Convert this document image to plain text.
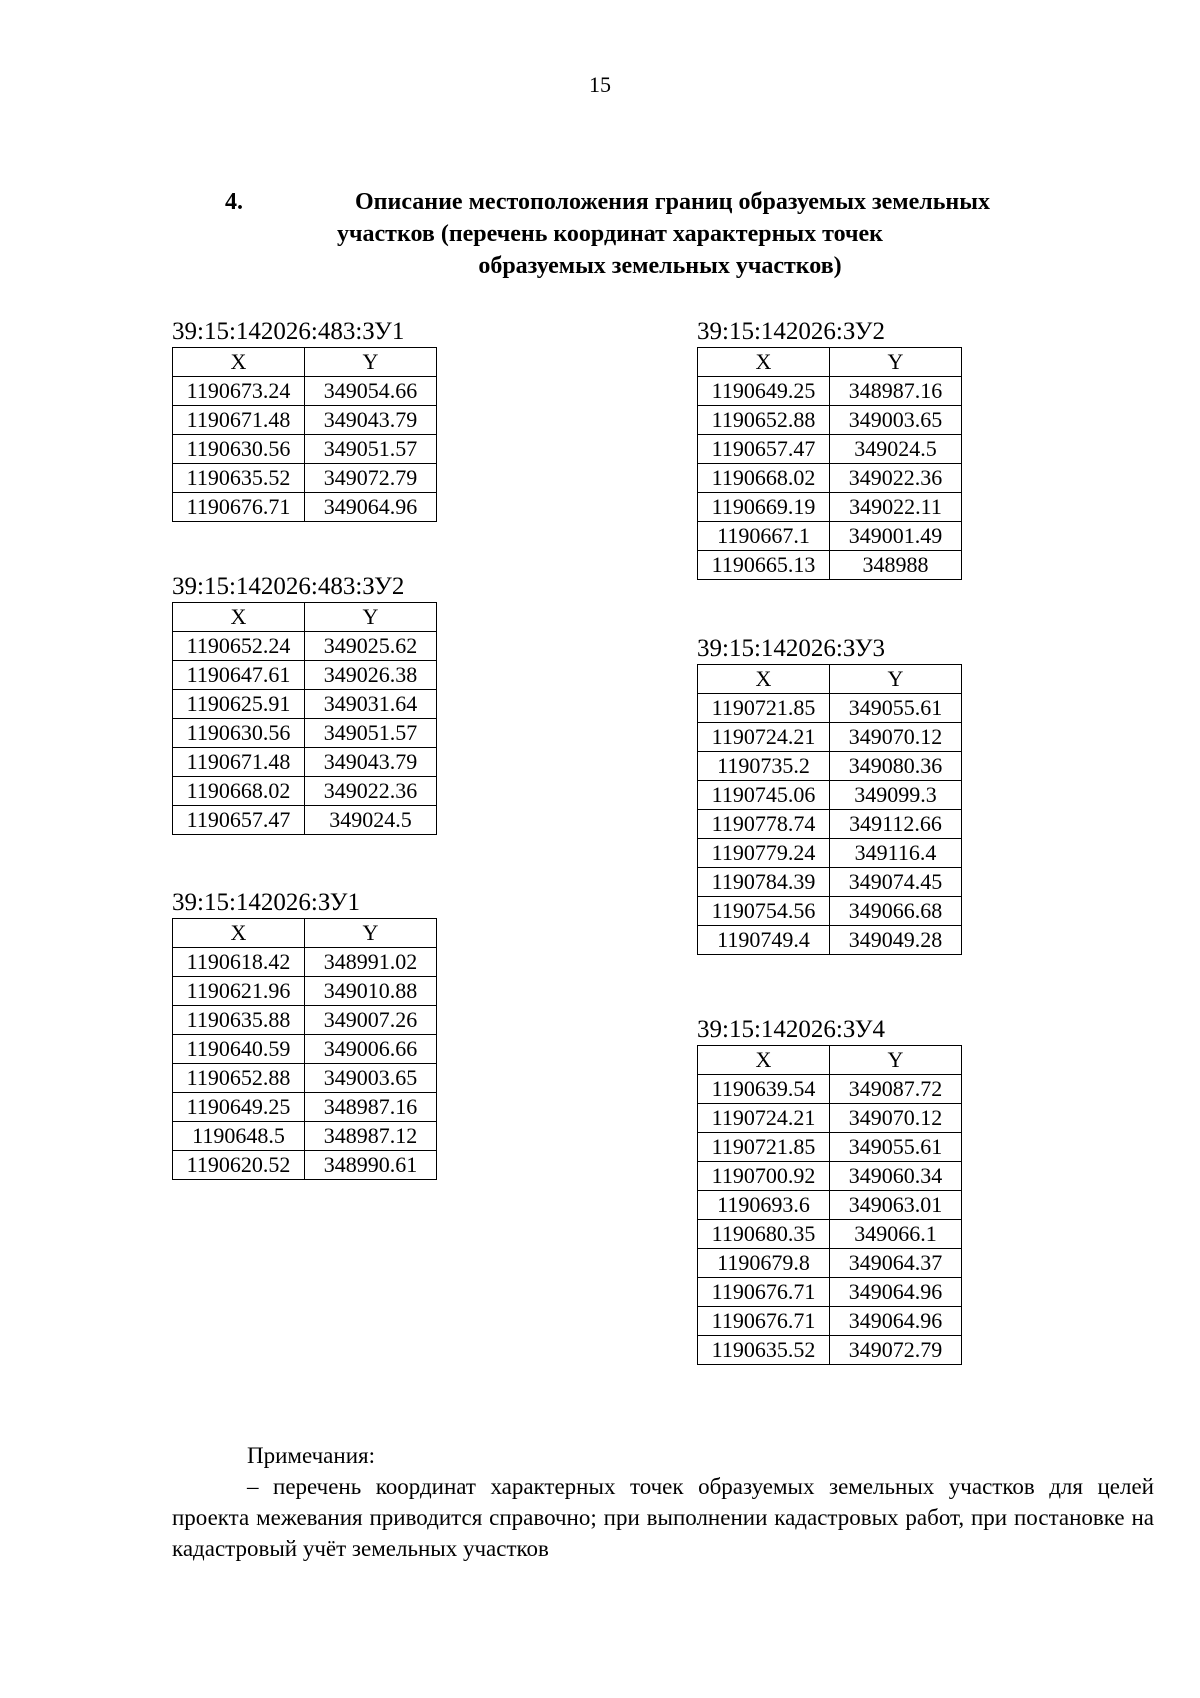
15
4.	Описание местоположения границ образуемых земельных
участков (перечень координат характерных точек
образуемых земельных участков)
39:15:142026:483:ЗУ1
X	Y
1190673.24	349054.66
1190671.48	349043.79
1190630.56	349051.57
1190635.52	349072.79
1190676.71	349064.96
39:15:142026:483:ЗУ2
X	Y
1190652.24	349025.62
1190647.61	349026.38
1190625.91	349031.64
1190630.56	349051.57
1190671.48	349043.79
1190668.02	349022.36
1190657.47	349024.5
39:15:142026:ЗУ1
X	Y
1190618.42	348991.02
1190621.96	349010.88
1190635.88	349007.26
1190640.59	349006.66
1190652.88	349003.65
1190649.25	348987.16
1190648.5	348987.12
1190620.52	348990.61
39:15:142026:ЗУ2
X	Y
1190649.25	348987.16
1190652.88	349003.65
1190657.47	349024.5
1190668.02	349022.36
1190669.19	349022.11
1190667.1	349001.49
1190665.13	348988
39:15:142026:ЗУ3
X	Y
1190721.85	349055.61
1190724.21	349070.12
1190735.2	349080.36
1190745.06	349099.3
1190778.74	349112.66
1190779.24	349116.4
1190784.39	349074.45
1190754.56	349066.68
1190749.4	349049.28
39:15:142026:ЗУ4
X	Y
1190639.54	349087.72
1190724.21	349070.12
1190721.85	349055.61
1190700.92	349060.34
1190693.6	349063.01
1190680.35	349066.1
1190679.8	349064.37
1190676.71	349064.96
1190676.71	349064.96
1190635.52	349072.79
Примечания:

– перечень координат характерных точек образуемых земельных участков для целей проекта межевания приводится справочно; при выполнении кадастровых работ, при постановке на кадастровый учёт земельных участков
